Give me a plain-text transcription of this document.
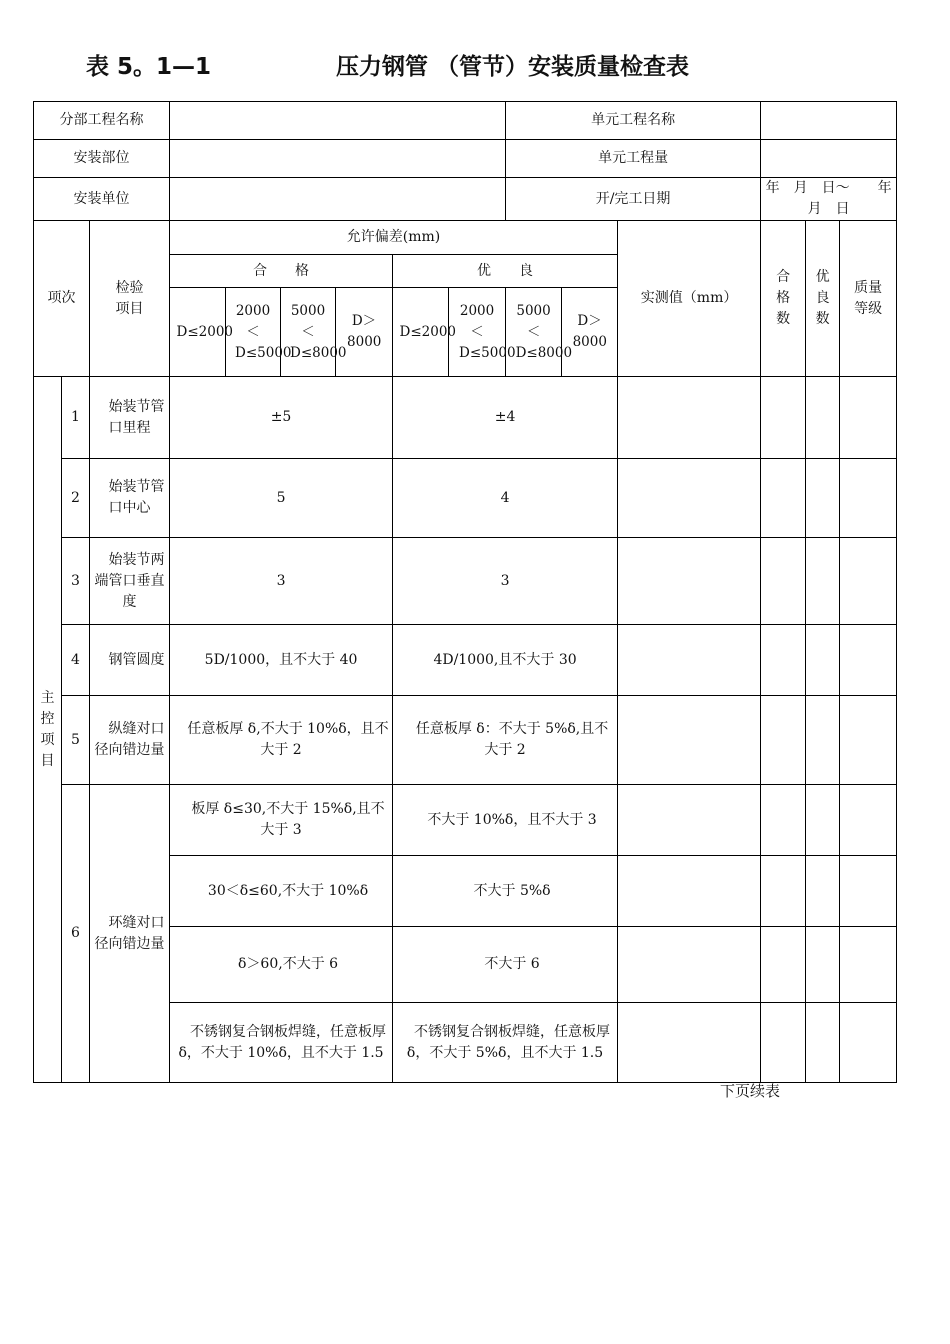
表 5。1—1	压力钢管 （管节）安装质量检查表
分部工程名称									单元工程名称					
安装部位									单元工程量					
安装单位									开/完工日期			年　月　日～　　年　月　日		
项次		检验项目	允许偏差(mm)								实测值（mm）	合格数	优良数	质量等级

			合　　格				优　　良							

			D≤2000	2000＜D≤5000	5000＜D≤8000	D＞8000	D≤2000	2000＜D≤5000	5000＜D≤8000	D＞8000				

主控项目	1	始装节管口里程	±5				±4							
	2	始装节管口中心	5				4							
	3	始装节两端管口垂直度	3				3							
	4	钢管圆度	5D/1000，且不大于 40				4D/1000,且不大于 30							
	5	纵缝对口径向错边量	任意板厚 δ,不大于 10%δ，且不大于 2				任意板厚 δ：不大于 5%δ,且不大于 2							

	6	环缝对口径向错边量	板厚 δ≤30,不大于 15%δ,且不大于 3				不大于 10%δ，且不大于 3							

			30＜δ≤60,不大于 10%δ				不大于 5%δ							

			δ＞60,不大于 6				不大于 6							

			不锈钢复合钢板焊缝，任意板厚 δ，不大于 10%δ，且不大于 1.5				不锈钢复合钢板焊缝，任意板厚 δ，不大于 5%δ，且不大于 1.5							

下页续表
